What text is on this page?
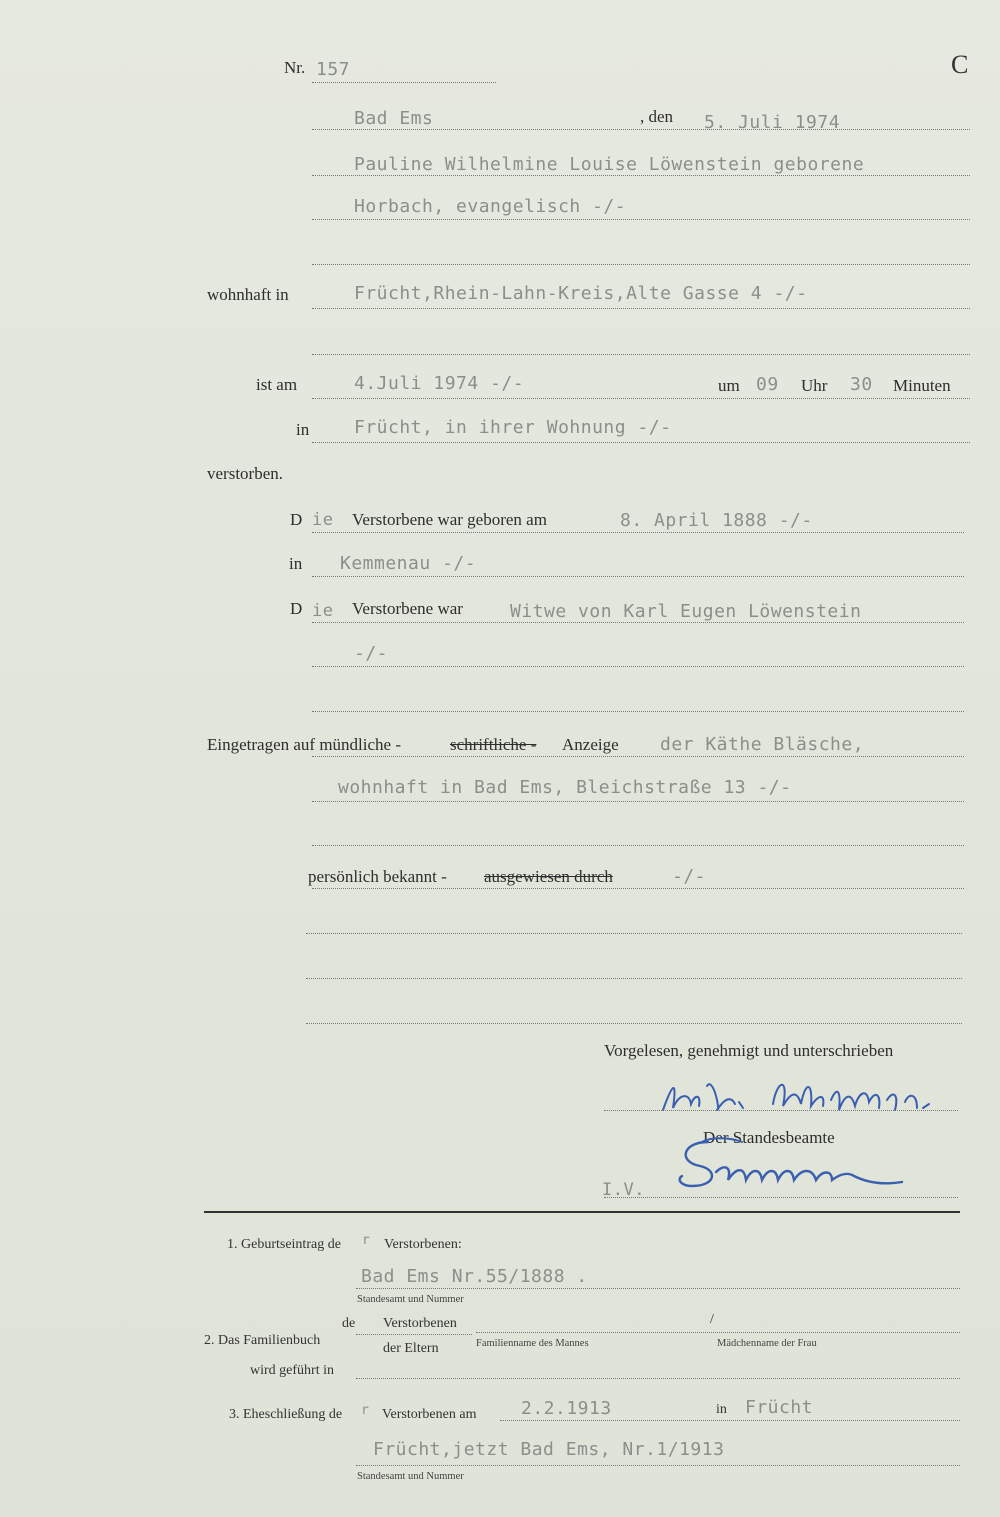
Nr. 157	C
Bad Ems	, den 5. Juli 1974
Pauline Wilhelmine Louise Löwenstein geborene
Horbach, evangelisch -/-
wohnhaft in	Frücht,Rhein-Lahn-Kreis,Alte Gasse 4 -/-
ist am	4.Juli 1974 -/-	um 09 Uhr 30 Minuten
in Frücht, in ihrer Wohnung -/-
verstorben.
D ie Verstorbene war geboren am	8. April 1888 -/-
in Kemmenau -/-
D ie Verstorbene war	Witwe von Karl Eugen Löwenstein
-/-
Eingetragen auf mündliche -	schriftliche - Anzeige der Käthe Bläsche,
wohnhaft in Bad Ems, Bleichstraße 13 -/-
persönlich bekannt - ausgewiesen durch	-/-
Vorgelesen, genehmigt und unterschrieben
Käthe Bläsche
Der Standesbeamte
I.V.
1. Geburtseintrag de r Verstorbenen:
Bad Ems Nr.55/1888 .
Standesamt und Nummer
2. Das Familienbuch
de Verstorbenen
der Eltern	Familienname des Mannes
/
Mädchenname der Frau
wird geführt in
3. Eheschließung de r Verstorbenen am 2.2.1913	in Frücht
Frücht,jetzt Bad Ems, Nr.1/1913
Standesamt und Nummer
